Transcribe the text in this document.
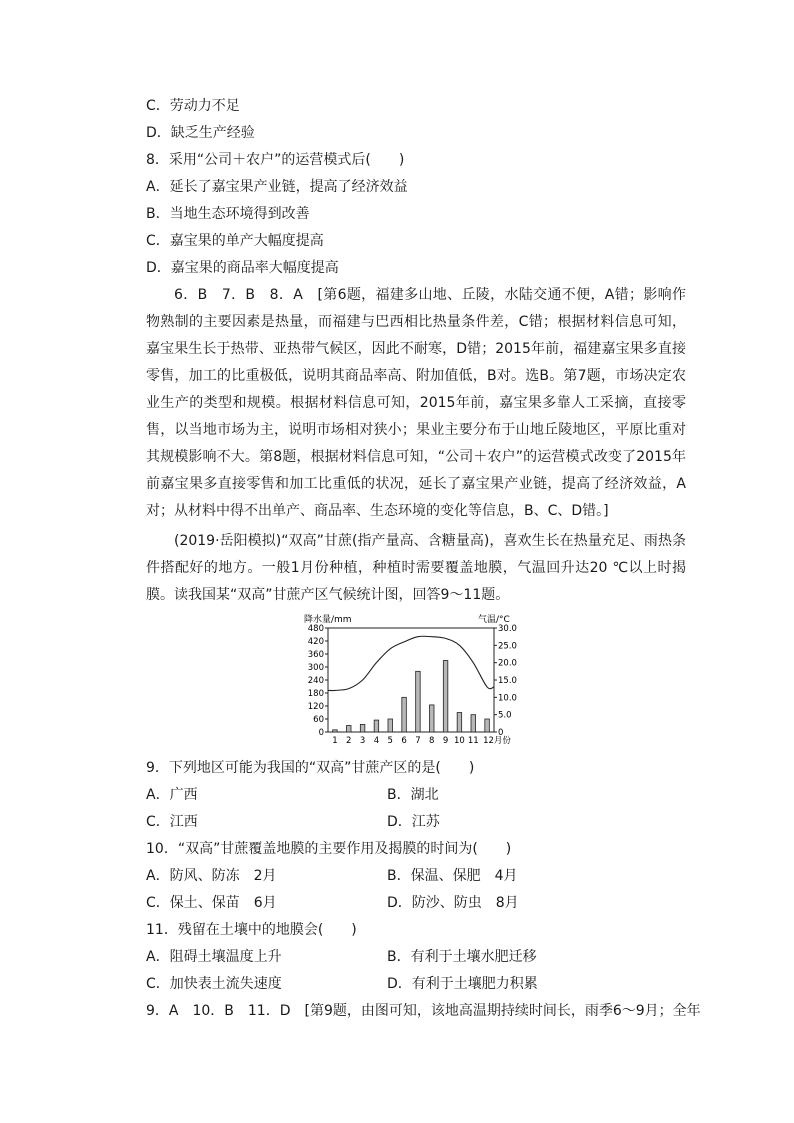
C．劳动力不足
D．缺乏生产经验
8．采用“公司＋农户”的运营模式后(　　)
A．延长了嘉宝果产业链，提高了经济效益
B．当地生态环境得到改善
C．嘉宝果的单产大幅度提高
D．嘉宝果的商品率大幅度提高
6．B　7．B　8．A　[第6题，福建多山地、丘陵，水陆交通不便，A错；影响作物熟制的主要因素是热量，而福建与巴西相比热量条件差，C错；根据材料信息可知，嘉宝果生长于热带、亚热带气候区，因此不耐寒，D错；2015年前，福建嘉宝果多直接零售，加工的比重极低，说明其商品率高、附加值低，B对。选B。第7题，市场决定农业生产的类型和规模。根据材料信息可知，2015年前，嘉宝果多靠人工采摘，直接零售，以当地市场为主，说明市场相对狭小；果业主要分布于山地丘陵地区，平原比重对其规模影响不大。第8题，根据材料信息可知，“公司＋农户”的运营模式改变了2015年前嘉宝果多直接零售和加工比重低的状况，延长了嘉宝果产业链，提高了经济效益，A对；从材料中得不出单产、商品率、生态环境的变化等信息，B、C、D错。]
(2019·岳阳模拟)“双高”甘蔗(指产量高、含糖量高)，喜欢生长在热量充足、雨热条件搭配好的地方。一般1月份种植，种植时需要覆盖地膜，气温回升达20 ℃以上时揭膜。读我国某“双高”甘蔗产区气候统计图，回答9～11题。
降水量/mm	气温/°C
480
420
360
300
240
180
120
60
0
30.0
25.0
20.0
15.0
10.0
5.0
0
1 2 3 4 5 6 7 8 9 10 11 12月份
9．下列地区可能为我国的“双高”甘蔗产区的是(　　)
A．广西	B．湖北
C．江西	D．江苏
10．“双高”甘蔗覆盖地膜的主要作用及揭膜的时间为(　　)
A．防风、防冻　2月	B．保温、保肥　4月
C．保土、保苗　6月	D．防沙、防虫　8月
11．残留在土壤中的地膜会(　　)
A．阻碍土壤温度上升	B．有利于土壤水肥迁移
C．加快表土流失速度	D．有利于土壤肥力积累
9．A　10．B　11．D　[第9题，由图可知，该地高温期持续时间长，雨季6～9月；全年
